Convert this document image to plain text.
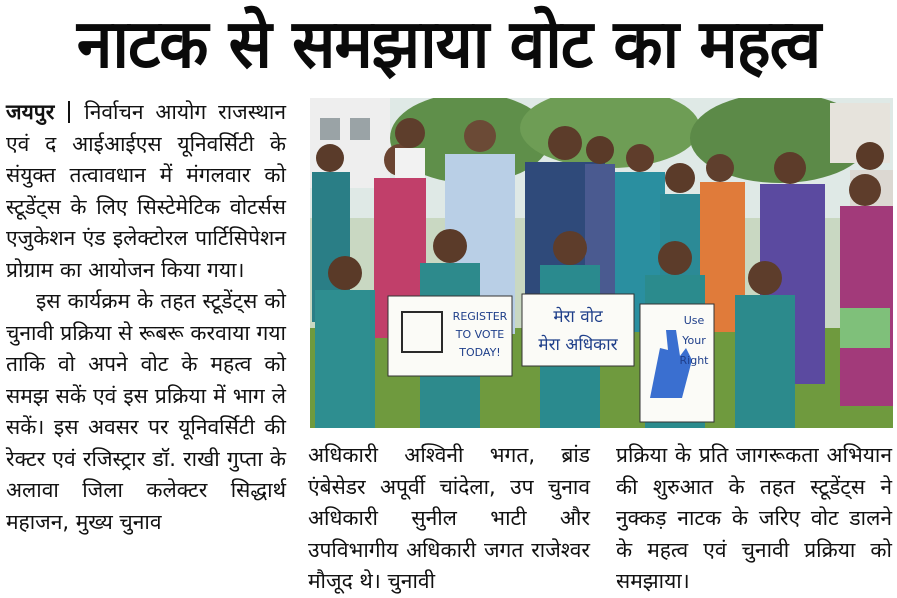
नाटक से समझाया वोट का महत्व

जयपुर निर्वाचन आयोग राजस्थान एवं द आईआईएस यूनिवर्सिटी के संयुक्त तत्वावधान में मंगलवार को स्टूडेंट्स के लिए सिस्टेमेटिक वोटर्सस एजुकेशन एंड इलेक्टोरल पार्टिसिपेशन प्रोग्राम का आयोजन किया गया।

इस कार्यक्रम के तहत स्टूडेंट्स को चुनावी प्रक्रिया से रूबरू करवाया गया ताकि वो अपने वोट के महत्व को समझ सकें एवं इस प्रक्रिया में भाग ले सकें। इस अवसर पर यूनिवर्सिटी की रेक्टर एवं रजिस्ट्रार डॉ. राखी गुप्ता के अलावा जिला कलेक्टर सिद्धार्थ महाजन, मुख्य चुनाव

REGISTER
TO VOTE
TODAY!
मेरा वोट
मेरा अधिकार
Use
Your
Right

अधिकारी अश्विनी भगत, ब्रांड एंबेसेडर अपूर्वी चांदेला, उप चुनाव अधिकारी सुनील भाटी और उपविभागीय अधिकारी जगत राजेश्वर मौजूद थे। चुनावी

प्रक्रिया के प्रति जागरूकता अभियान की शुरुआत के तहत स्टूडेंट्स ने नुक्कड़ नाटक के जरिए वोट डालने के महत्व एवं चुनावी प्रक्रिया को समझाया।
